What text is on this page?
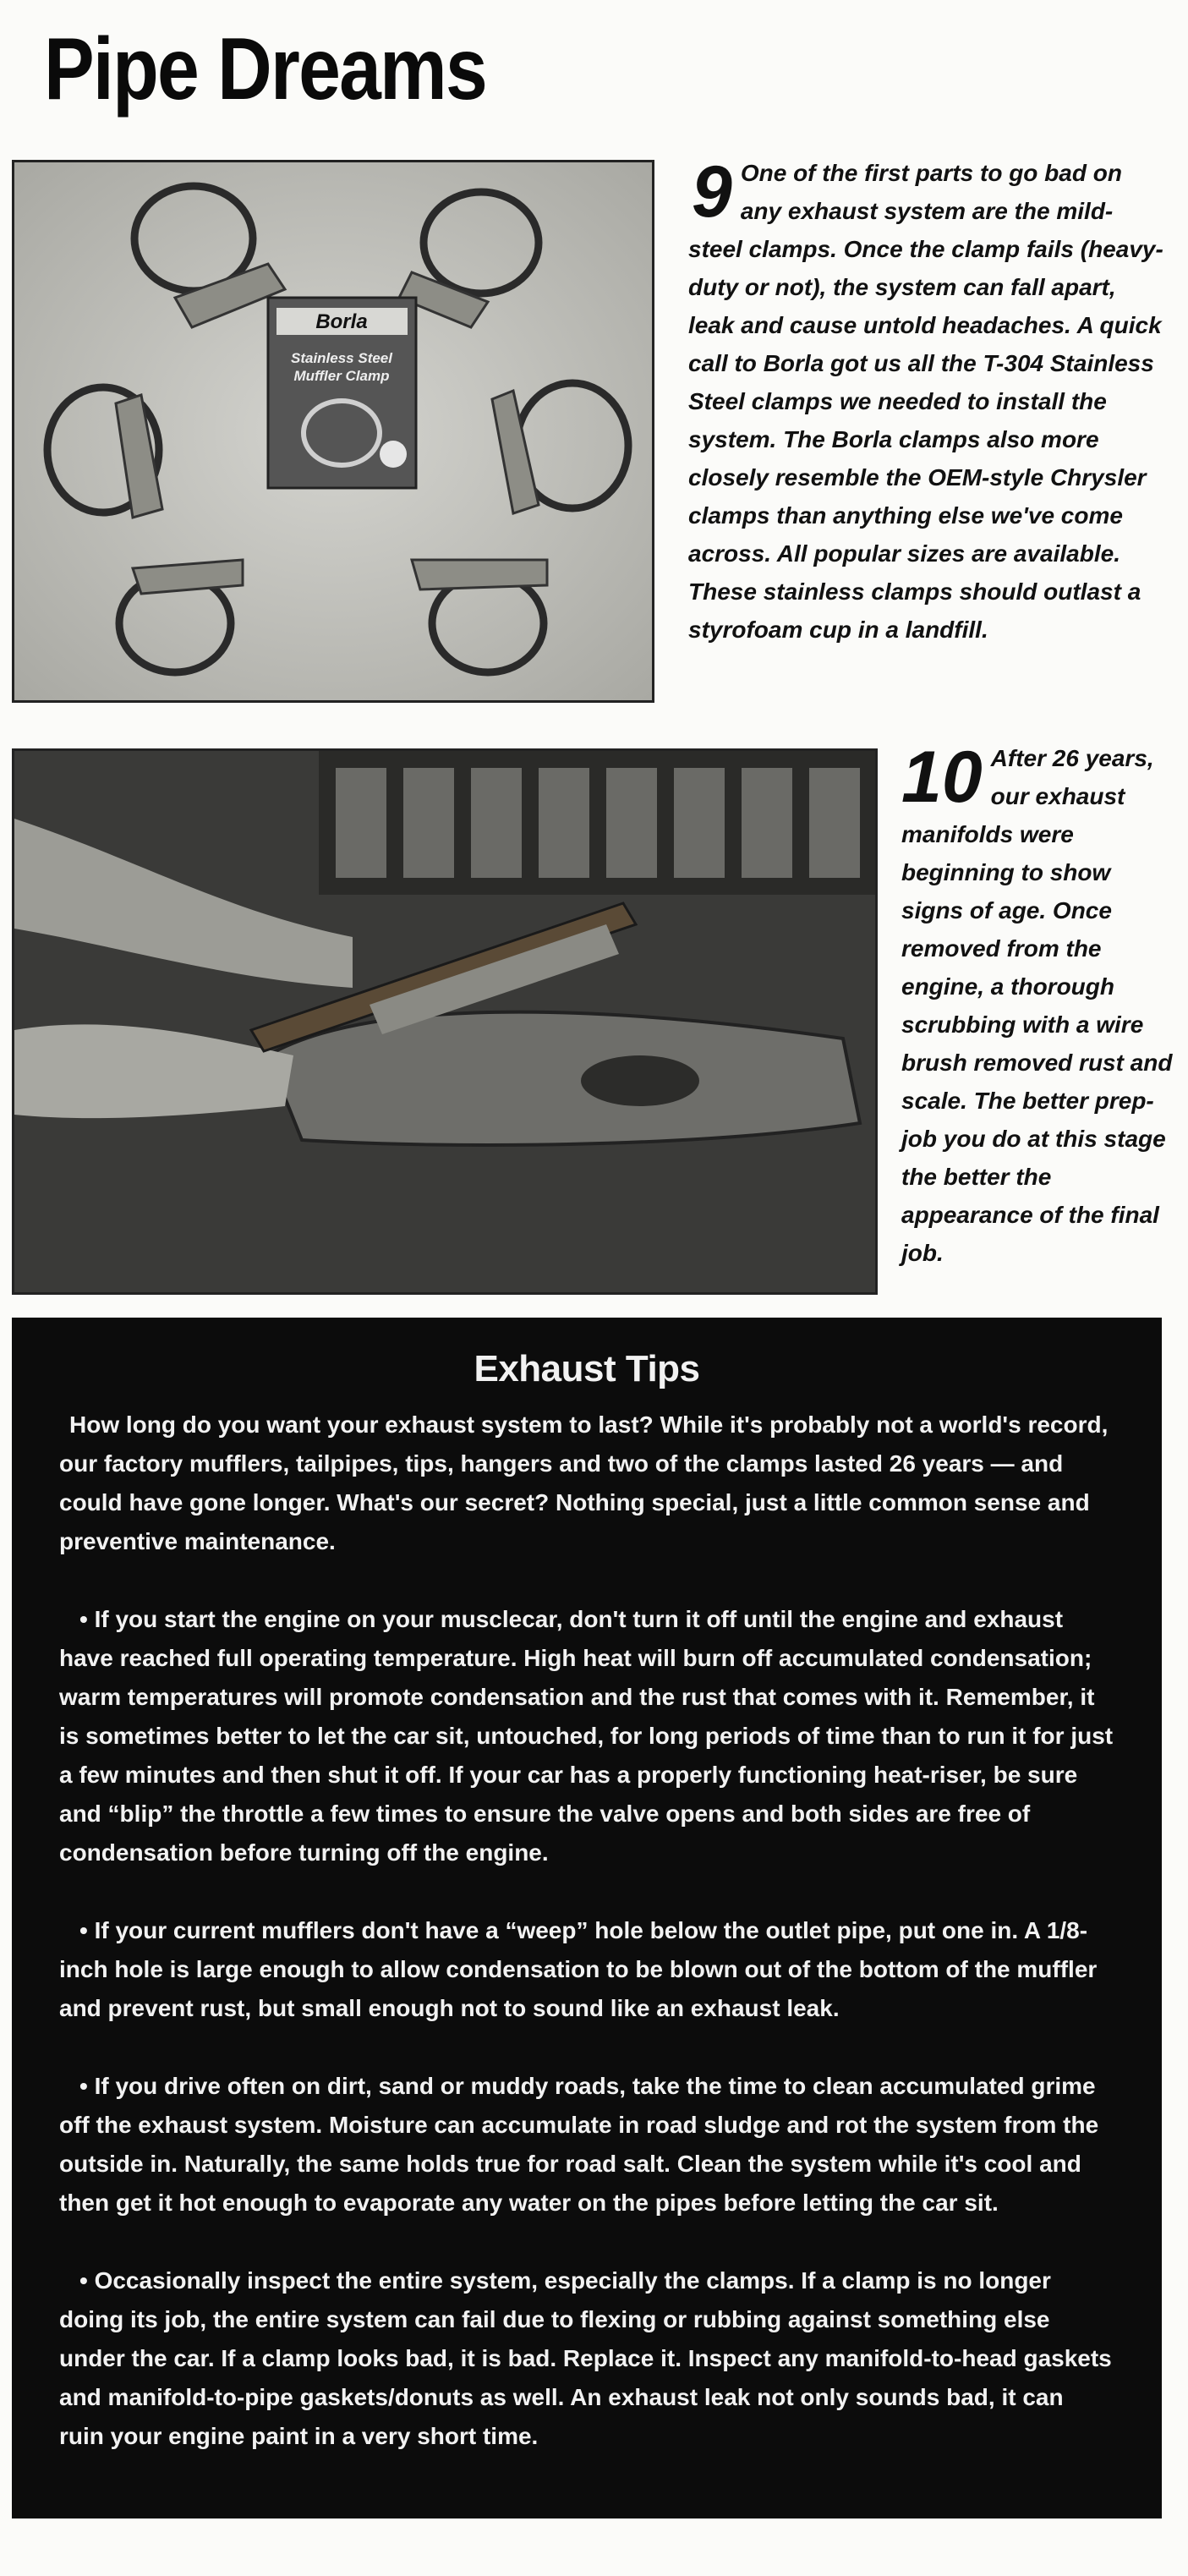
Pipe Dreams
Borla
Stainless Steel
Muffler Clamp
9 One of the first parts to go bad on any exhaust system are the mild-steel clamps. Once the clamp fails (heavy-duty or not), the system can fall apart, leak and cause untold headaches. A quick call to Borla got us all the T-304 Stainless Steel clamps we needed to install the system. The Borla clamps also more closely resemble the OEM-style Chrysler clamps than anything else we've come across. All popular sizes are available. These stainless clamps should outlast a styrofoam cup in a landfill.
10 After 26 years, our exhaust manifolds were beginning to show signs of age. Once removed from the engine, a thorough scrubbing with a wire brush removed rust and scale. The better prep-job you do at this stage the better the appearance of the final job.
Exhaust Tips

How long do you want your exhaust system to last? While it's probably not a world's record, our factory mufflers, tailpipes, tips, hangers and two of the clamps lasted 26 years — and could have gone longer. What's our secret? Nothing special, just a little common sense and preventive maintenance.

• If you start the engine on your musclecar, don't turn it off until the engine and exhaust have reached full operating temperature. High heat will burn off accumulated condensation; warm temperatures will promote condensation and the rust that comes with it. Remember, it is sometimes better to let the car sit, untouched, for long periods of time than to run it for just a few minutes and then shut it off. If your car has a properly functioning heat-riser, be sure and “blip” the throttle a few times to ensure the valve opens and both sides are free of condensation before turning off the engine.

• If your current mufflers don't have a “weep” hole below the outlet pipe, put one in. A 1/8-inch hole is large enough to allow condensation to be blown out of the bottom of the muffler and prevent rust, but small enough not to sound like an exhaust leak.

• If you drive often on dirt, sand or muddy roads, take the time to clean accumulated grime off the exhaust system. Moisture can accumulate in road sludge and rot the system from the outside in. Naturally, the same holds true for road salt. Clean the system while it's cool and then get it hot enough to evaporate any water on the pipes before letting the car sit.

• Occasionally inspect the entire system, especially the clamps. If a clamp is no longer doing its job, the entire system can fail due to flexing or rubbing against something else under the car. If a clamp looks bad, it is bad. Replace it. Inspect any manifold-to-head gaskets and manifold-to-pipe gaskets/donuts as well. An exhaust leak not only sounds bad, it can ruin your engine paint in a very short time.
